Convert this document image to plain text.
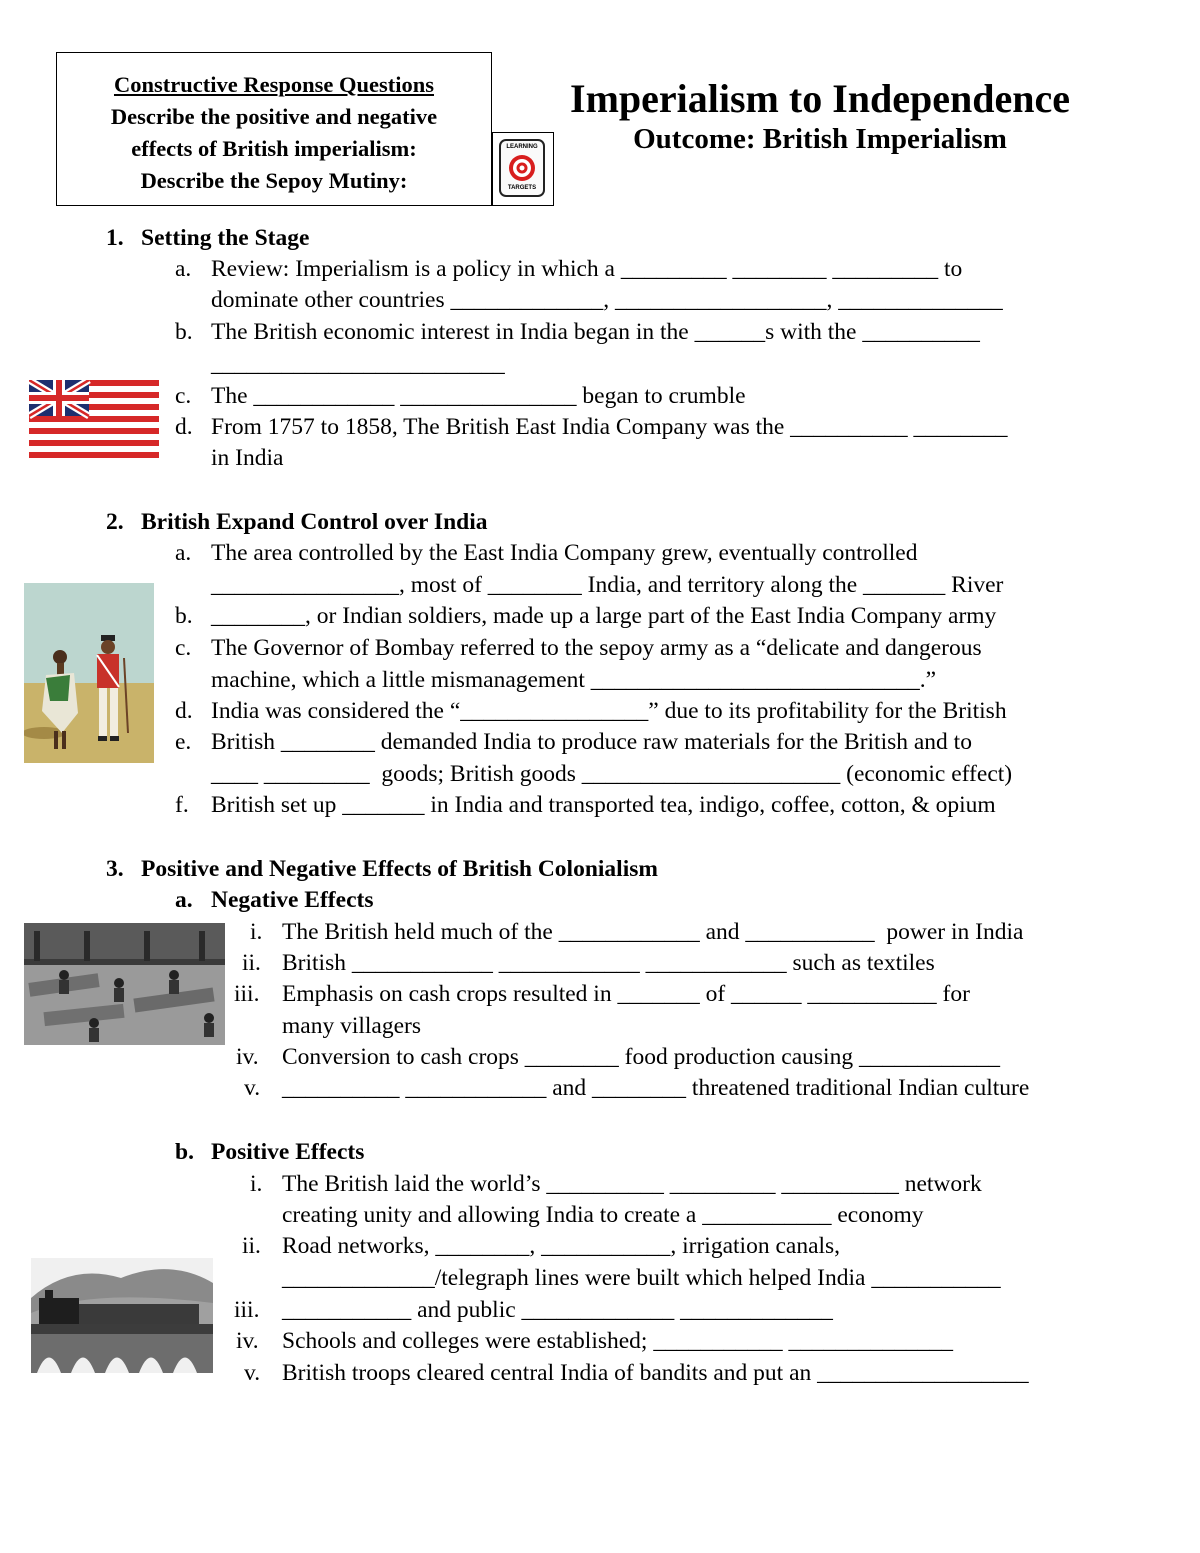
Constructive Response Questions
Describe the positive and negative
effects of British imperialism:
Describe the Sepoy Mutiny:
LEARNING
TARGETS
Imperialism to Independence
Outcome: British Imperialism
1. Setting the Stage
a. Review: Imperialism is a policy in which a _________ ________ _________ to
dominate other countries _____________, __________________, ______________
b. The British economic interest in India began in the ______s with the __________
_________________________
c. The ____________ _______________ began to crumble
d. From 1757 to 1858, The British East India Company was the __________ ________
in India
2. British Expand Control over India
a. The area controlled by the East India Company grew, eventually controlled
________________, most of ________ India, and territory along the _______ River
b. ________, or Indian soldiers, made up a large part of the East India Company army
c. The Governor of Bombay referred to the sepoy army as a “delicate and dangerous
machine, which a little mismanagement ____________________________.”
d. India was considered the “________________” due to its profitability for the British
e. British ________ demanded India to produce raw materials for the British and to
____ _________  goods; British goods ______________________ (economic effect)
f. British set up _______ in India and transported tea, indigo, coffee, cotton, & opium
3. Positive and Negative Effects of British Colonialism
a. Negative Effects
i. The British held much of the ____________ and ___________  power in India
ii. British ____________ ____________ ____________ such as textiles
iii. Emphasis on cash crops resulted in _______ of ______ ___________ for
many villagers
iv. Conversion to cash crops ________ food production causing ____________
v. __________ ____________ and ________ threatened traditional Indian culture
b. Positive Effects
i. The British laid the world’s __________ _________ __________ network
creating unity and allowing India to create a ___________ economy
ii. Road networks, ________, ___________, irrigation canals,
_____________/telegraph lines were built which helped India ___________
iii. ___________ and public _____________ _____________
iv. Schools and colleges were established; ___________ ______________
v. British troops cleared central India of bandits and put an __________________
